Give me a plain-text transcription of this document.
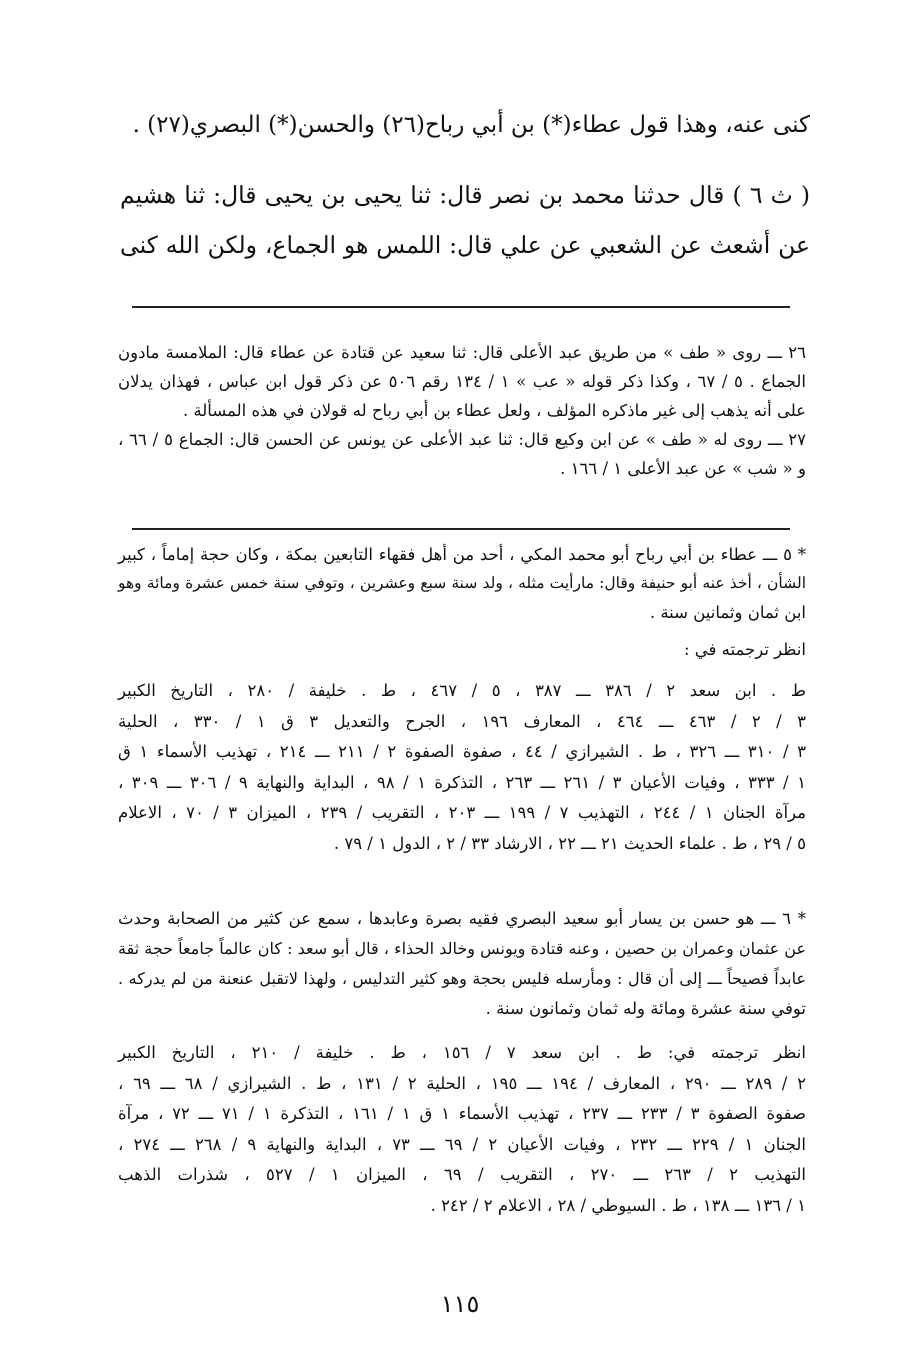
كنى عنه، وهذا قول عطاء(*) بن أبي رباح(٢٦) والحسن(*) البصري(٢٧) .
( ث ٦ ) قال حدثنا محمد بن نصر قال: ثنا يحيى بن يحيى قال: ثنا هشيم
عن أشعث عن الشعبي عن علي قال: اللمس هو الجماع، ولكن الله كنى
٢٦ ـــ روى « طف » من طريق عبد الأعلى قال: ثنا سعيد عن قتادة عن عطاء قال: الملامسة مادون
الجماع . ٥ / ٦٧ ، وكذا ذكر قوله « عب » ١ / ١٣٤ رقم ٥٠٦ عن ذكر قول ابن عباس ، فهذان يدلان
على أنه يذهب إلى غير ماذكره المؤلف ، ولعل عطاء بن أبي رباح له قولان في هذه المسألة .
٢٧ ـــ روى له « طف » عن ابن وكيع قال: ثنا عبد الأعلى عن يونس عن الحسن قال: الجماع ٥ / ٦٦ ،
و « شب » عن عبد الأعلى ١ / ١٦٦ .
* ٥ ـــ عطاء بن أبي رباح أبو محمد المكي ، أحد من أهل فقهاء التابعين بمكة ، وكان حجة إماماً ، كبير
الشأن ، أخذ عنه أبو حنيفة وقال: مارأيت مثله ، ولد سنة سبع وعشرين ، وتوفي سنة خمس عشرة ومائة وهو
ابن ثمان وثمانين سنة .
انظر ترجمته في :
ط . ابن سعد ٢ / ٣٨٦ ـــ ٣٨٧ ، ٥ / ٤٦٧ ، ط . خليفة / ٢٨٠ ، التاريخ الكبير
٣ / ٢ / ٤٦٣ ـــ ٤٦٤ ، المعارف ١٩٦ ، الجرح والتعديل ٣ ق ١ / ٣٣٠ ، الحلية
٣ / ٣١٠ ـــ ٣٢٦ ، ط . الشيرازي / ٤٤ ، صفوة الصفوة ٢ / ٢١١ ـــ ٢١٤ ، تهذيب الأسماء ١ ق
١ / ٣٣٣ ، وفيات الأعيان ٣ / ٢٦١ ـــ ٢٦٣ ، التذكرة ١ / ٩٨ ، البداية والنهاية ٩ / ٣٠٦ ـــ ٣٠٩ ،
مرآة الجنان ١ / ٢٤٤ ، التهذيب ٧ / ١٩٩ ـــ ٢٠٣ ، التقريب / ٢٣٩ ، الميزان ٣ / ٧٠ ، الاعلام
٥ / ٢٩ ، ط . علماء الحديث ٢١ ـــ ٢٢ ، الارشاد ٣٣ / ٢ ، الدول ١ / ٧٩ .
* ٦ ـــ هو حسن بن يسار أبو سعيد البصري فقيه بصرة وعابدها ، سمع عن كثير من الصحابة وحدث
عن عثمان وعمران بن حصين ، وعنه قتادة ويونس وخالد الحذاء ، قال أبو سعد : كان عالماً جامعاً حجة ثقة
عابداً فصيحاً ـــ إلى أن قال : ومأرسله فليس بحجة وهو كثير التدليس ، ولهذا لاتقبل عنعنة من لم يدركه .
توفي سنة عشرة ومائة وله ثمان وثمانون سنة .
انظر ترجمته في: ط . ابن سعد ٧ / ١٥٦ ، ط . خليفة / ٢١٠ ، التاريخ الكبير
٢ / ٢٨٩ ـــ ٢٩٠ ، المعارف / ١٩٤ ـــ ١٩٥ ، الحلية ٢ / ١٣١ ، ط . الشيرازي / ٦٨ ـــ ٦٩ ،
صفوة الصفوة ٣ / ٢٣٣ ـــ ٢٣٧ ، تهذيب الأسماء ١ ق ١ / ١٦١ ، التذكرة ١ / ٧١ ـــ ٧٢ ، مرآة
الجنان ١ / ٢٢٩ ـــ ٢٣٢ ، وفيات الأعيان ٢ / ٦٩ ـــ ٧٣ ، البداية والنهاية ٩ / ٢٦٨ ـــ ٢٧٤ ،
التهذيب ٢ / ٢٦٣ ـــ ٢٧٠ ، التقريب / ٦٩ ، الميزان ١ / ٥٢٧ ، شذرات الذهب
١ / ١٣٦ ـــ ١٣٨ ، ط . السيوطي / ٢٨ ، الاعلام ٢ / ٢٤٢ .
١١٥
